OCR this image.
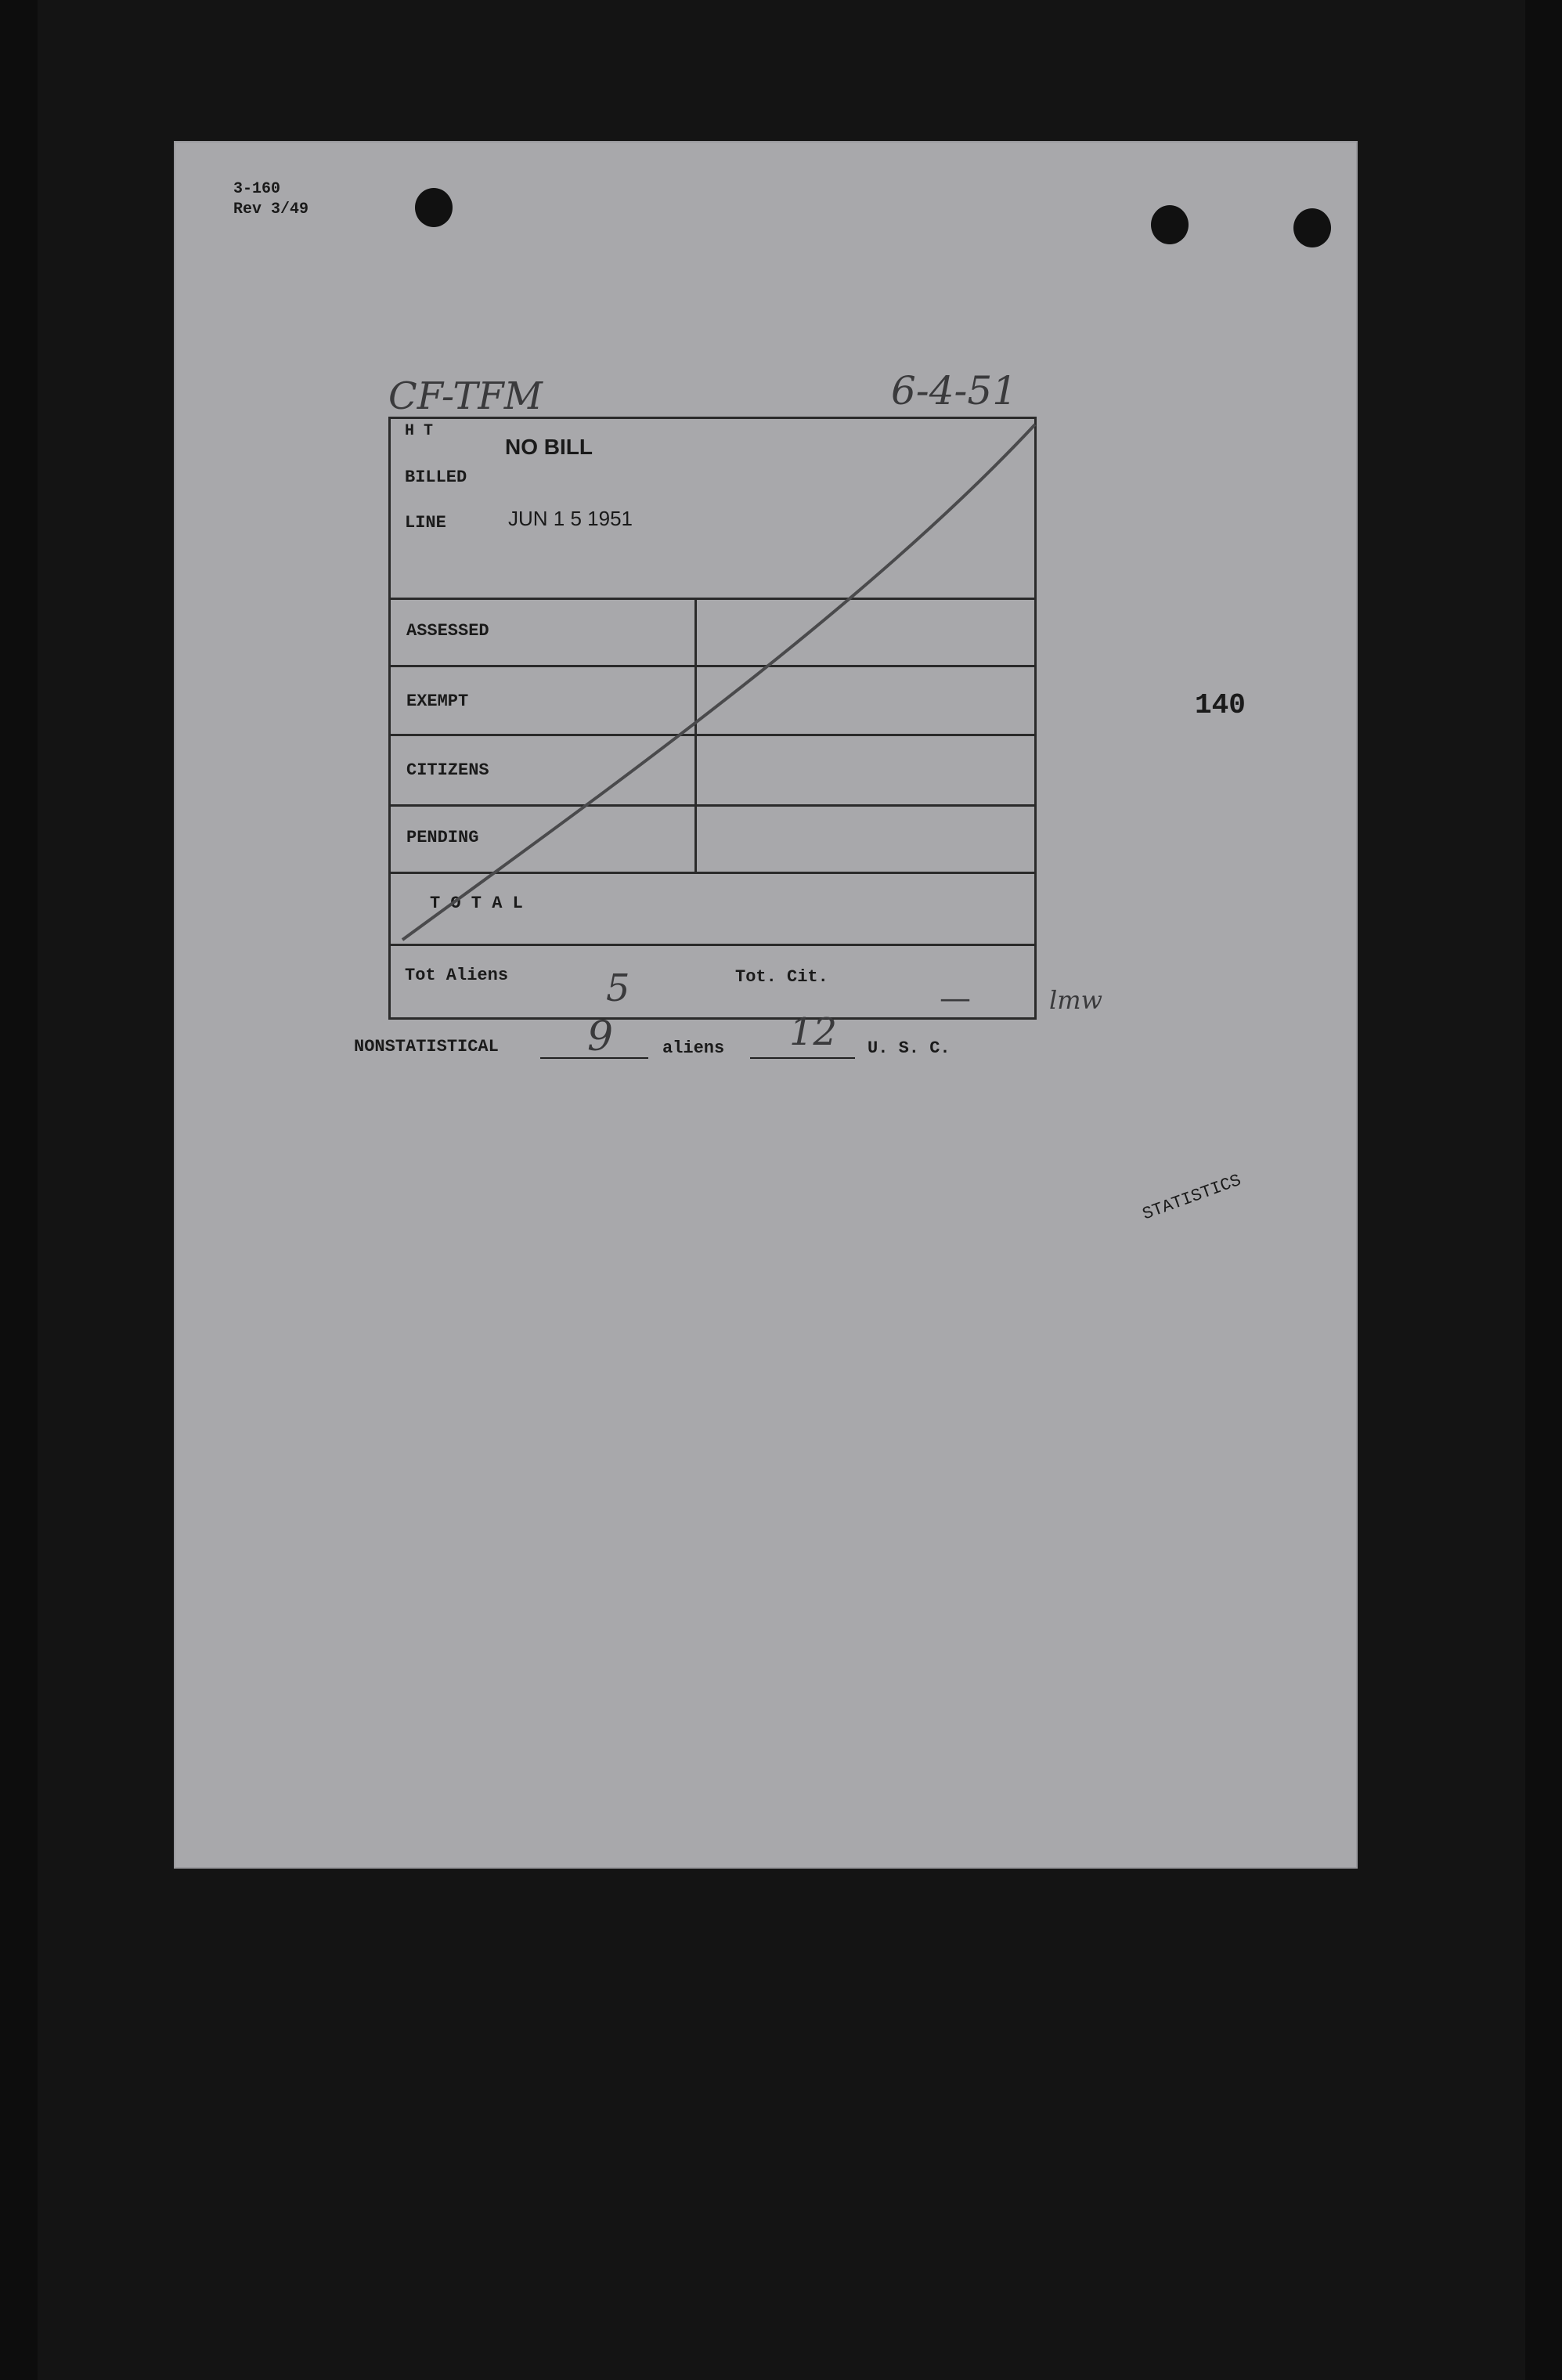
3-160
Rev 3/49
CF-TFM	6-4-51
H T
NO BILL
BILLED
LINE	JUN 1 5 1951
ASSESSED
EXEMPT
CITIZENS
PENDING
T O T A L
Tot Aliens	Tot. Cit.
5	—	lmw
NONSTATISTICAL 9	aliens 12 U. S. C.
140
STATISTICS
